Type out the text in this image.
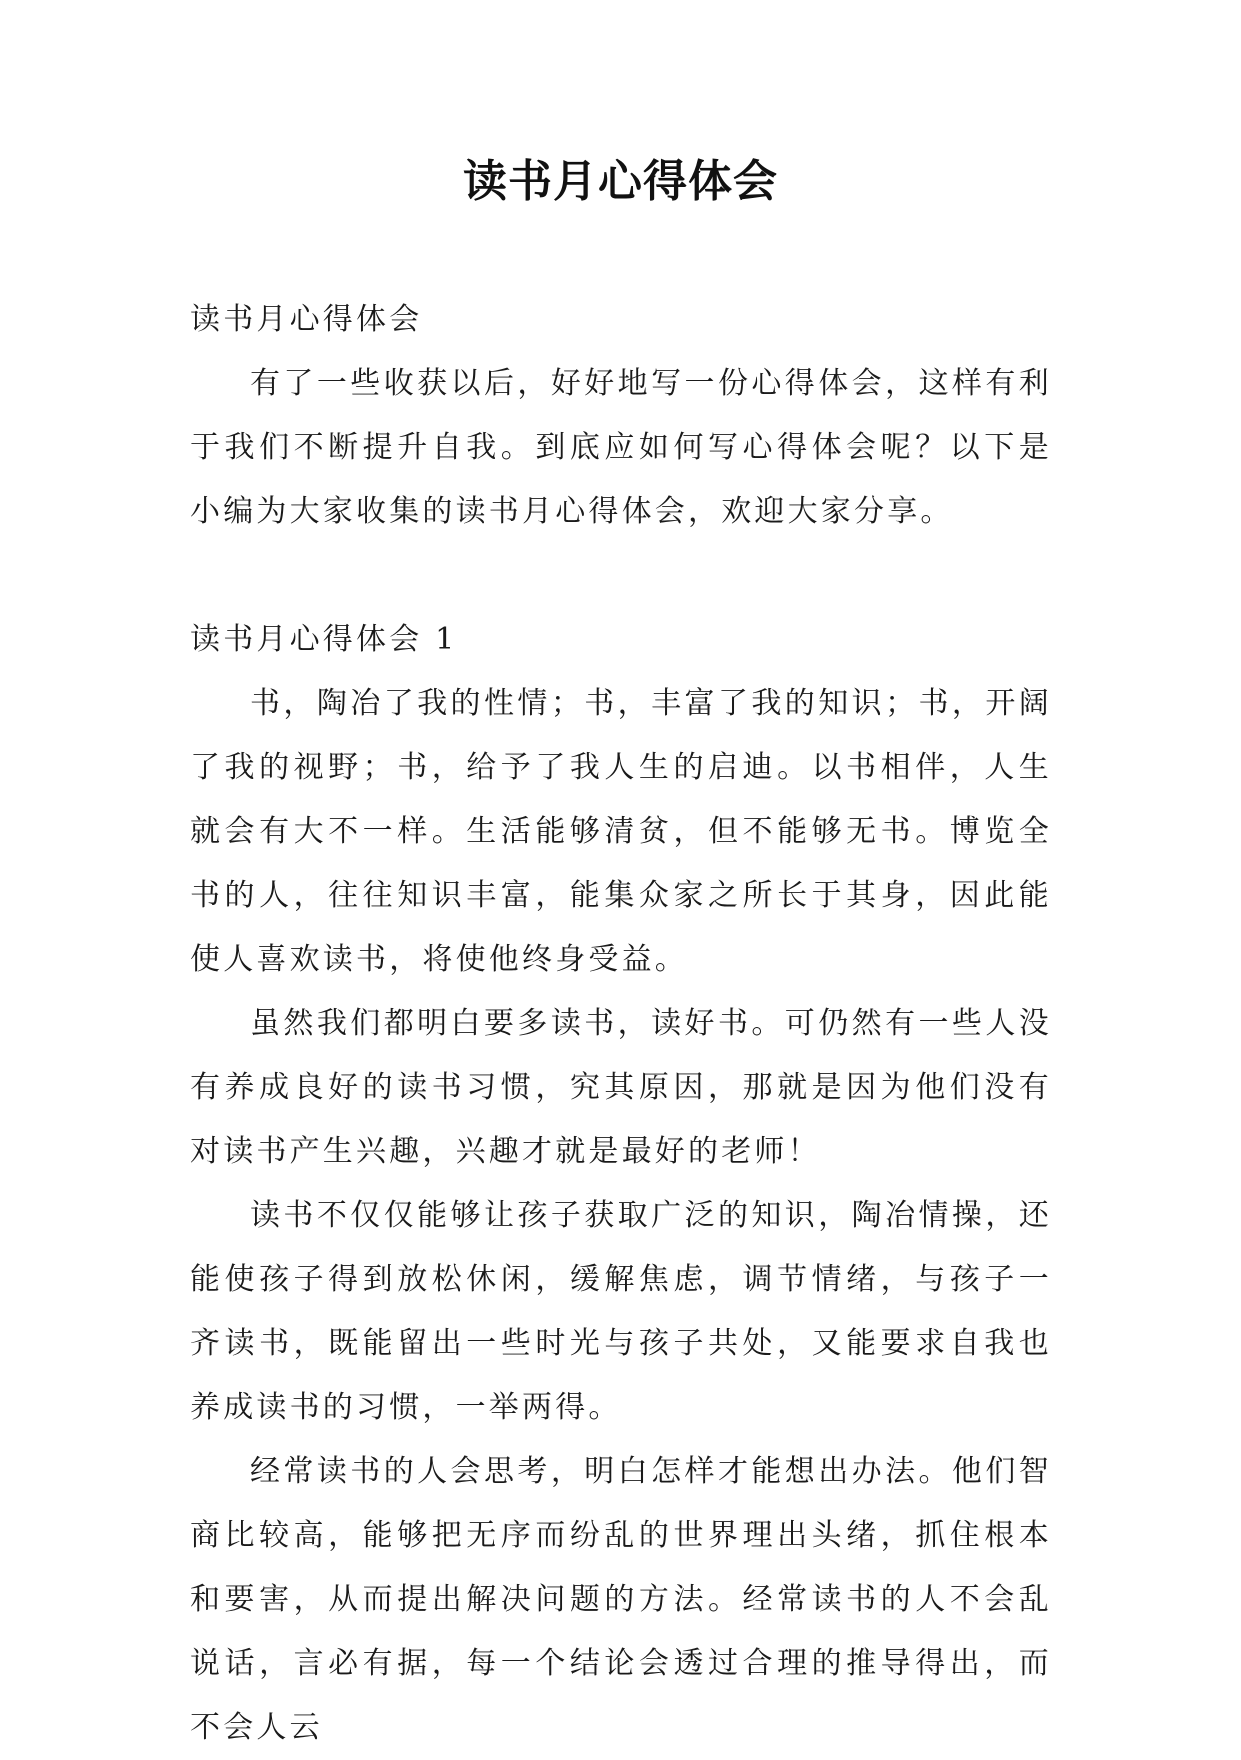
读书月心得体会

读书月心得体会

有了一些收获以后，好好地写一份心得体会，这样有利于我们不断提升自我。到底应如何写心得体会呢？以下是小编为大家收集的读书月心得体会，欢迎大家分享。

读书月心得体会 1

书，陶冶了我的性情；书，丰富了我的知识；书，开阔了我的视野；书，给予了我人生的启迪。以书相伴，人生就会有大不一样。生活能够清贫，但不能够无书。博览全书的人，往往知识丰富，能集众家之所长于其身，因此能使人喜欢读书，将使他终身受益。

虽然我们都明白要多读书，读好书。可仍然有一些人没有养成良好的读书习惯，究其原因，那就是因为他们没有对读书产生兴趣，兴趣才就是最好的老师！

读书不仅仅能够让孩子获取广泛的知识，陶冶情操，还能使孩子得到放松休闲，缓解焦虑，调节情绪，与孩子一齐读书，既能留出一些时光与孩子共处，又能要求自我也养成读书的习惯，一举两得。

经常读书的人会思考，明白怎样才能想出办法。他们智商比较高，能够把无序而纷乱的世界理出头绪，抓住根本和要害，从而提出解决问题的方法。经常读书的人不会乱说话，言必有据，每一个结论会透过合理的推导得出，而不会人云
